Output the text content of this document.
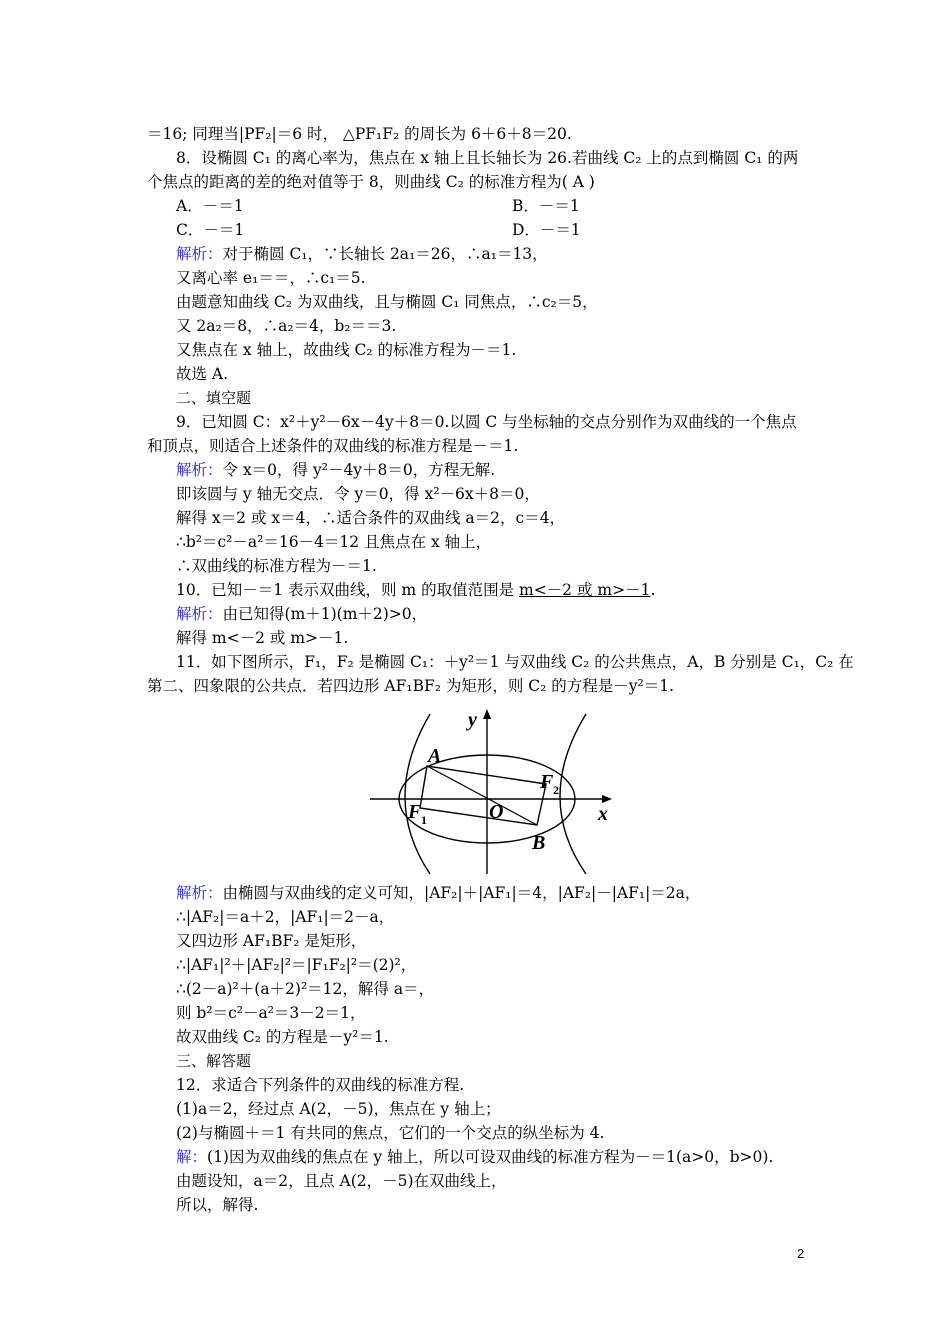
＝16; 同理当|PF₂|＝6 时， △PF₁F₂ 的周长为 6＋6＋8＝20.
8．设椭圆 C₁ 的离心率为，焦点在 x 轴上且长轴长为 26.若曲线 C₂ 上的点到椭圆 C₁ 的两
个焦点的距离的差的绝对值等于 8，则曲线 C₂ 的标准方程为( A )
A．－＝1	B．－＝1
C．－＝1	D．－＝1
解析：对于椭圆 C₁，∵长轴长 2a₁＝26，∴a₁＝13，
又离心率 e₁＝＝，∴c₁＝5.
由题意知曲线 C₂ 为双曲线，且与椭圆 C₁ 同焦点，∴c₂＝5，
又 2a₂＝8，∴a₂＝4，b₂＝＝3.
又焦点在 x 轴上，故曲线 C₂ 的标准方程为－＝1.
故选 A.
二、填空题
9．已知圆 C：x²＋y²－6x－4y＋8＝0.以圆 C 与坐标轴的交点分别作为双曲线的一个焦点
和顶点，则适合上述条件的双曲线的标准方程是－＝1.
解析：令 x＝0，得 y²－4y＋8＝0，方程无解.
即该圆与 y 轴无交点．令 y＝0，得 x²－6x＋8＝0，
解得 x＝2 或 x＝4，∴适合条件的双曲线 a＝2，c＝4，
∴b²＝c²－a²＝16－4＝12 且焦点在 x 轴上，
∴双曲线的标准方程为－＝1.
10．已知－＝1 表示双曲线，则 m 的取值范围是 m<－2 或 m>－1.
解析：由已知得(m＋1)(m＋2)>0，
解得 m<－2 或 m>－1.
11．如下图所示，F₁，F₂ 是椭圆 C₁：＋y²＝1 与双曲线 C₂ 的公共焦点，A，B 分别是 C₁，C₂ 在
第二、四象限的公共点．若四边形 AF₁BF₂ 为矩形，则 C₂ 的方程是－y²＝1.
y
x
A
B
O
F 1
F 2
解析：由椭圆与双曲线的定义可知，|AF₂|＋|AF₁|＝4，|AF₂|－|AF₁|＝2a，
∴|AF₂|＝a＋2，|AF₁|＝2－a，
又四边形 AF₁BF₂ 是矩形，
∴|AF₁|²＋|AF₂|²＝|F₁F₂|²＝(2)²，
∴(2－a)²＋(a＋2)²＝12，解得 a＝，
则 b²＝c²－a²＝3－2＝1，
故双曲线 C₂ 的方程是－y²＝1.
三、解答题
12．求适合下列条件的双曲线的标准方程.
(1)a＝2，经过点 A(2，－5)，焦点在 y 轴上；
(2)与椭圆＋＝1 有共同的焦点，它们的一个交点的纵坐标为 4.
解：(1)因为双曲线的焦点在 y 轴上，所以可设双曲线的标准方程为－＝1(a>0，b>0).
由题设知，a＝2，且点 A(2，－5)在双曲线上，
所以，解得.
2
